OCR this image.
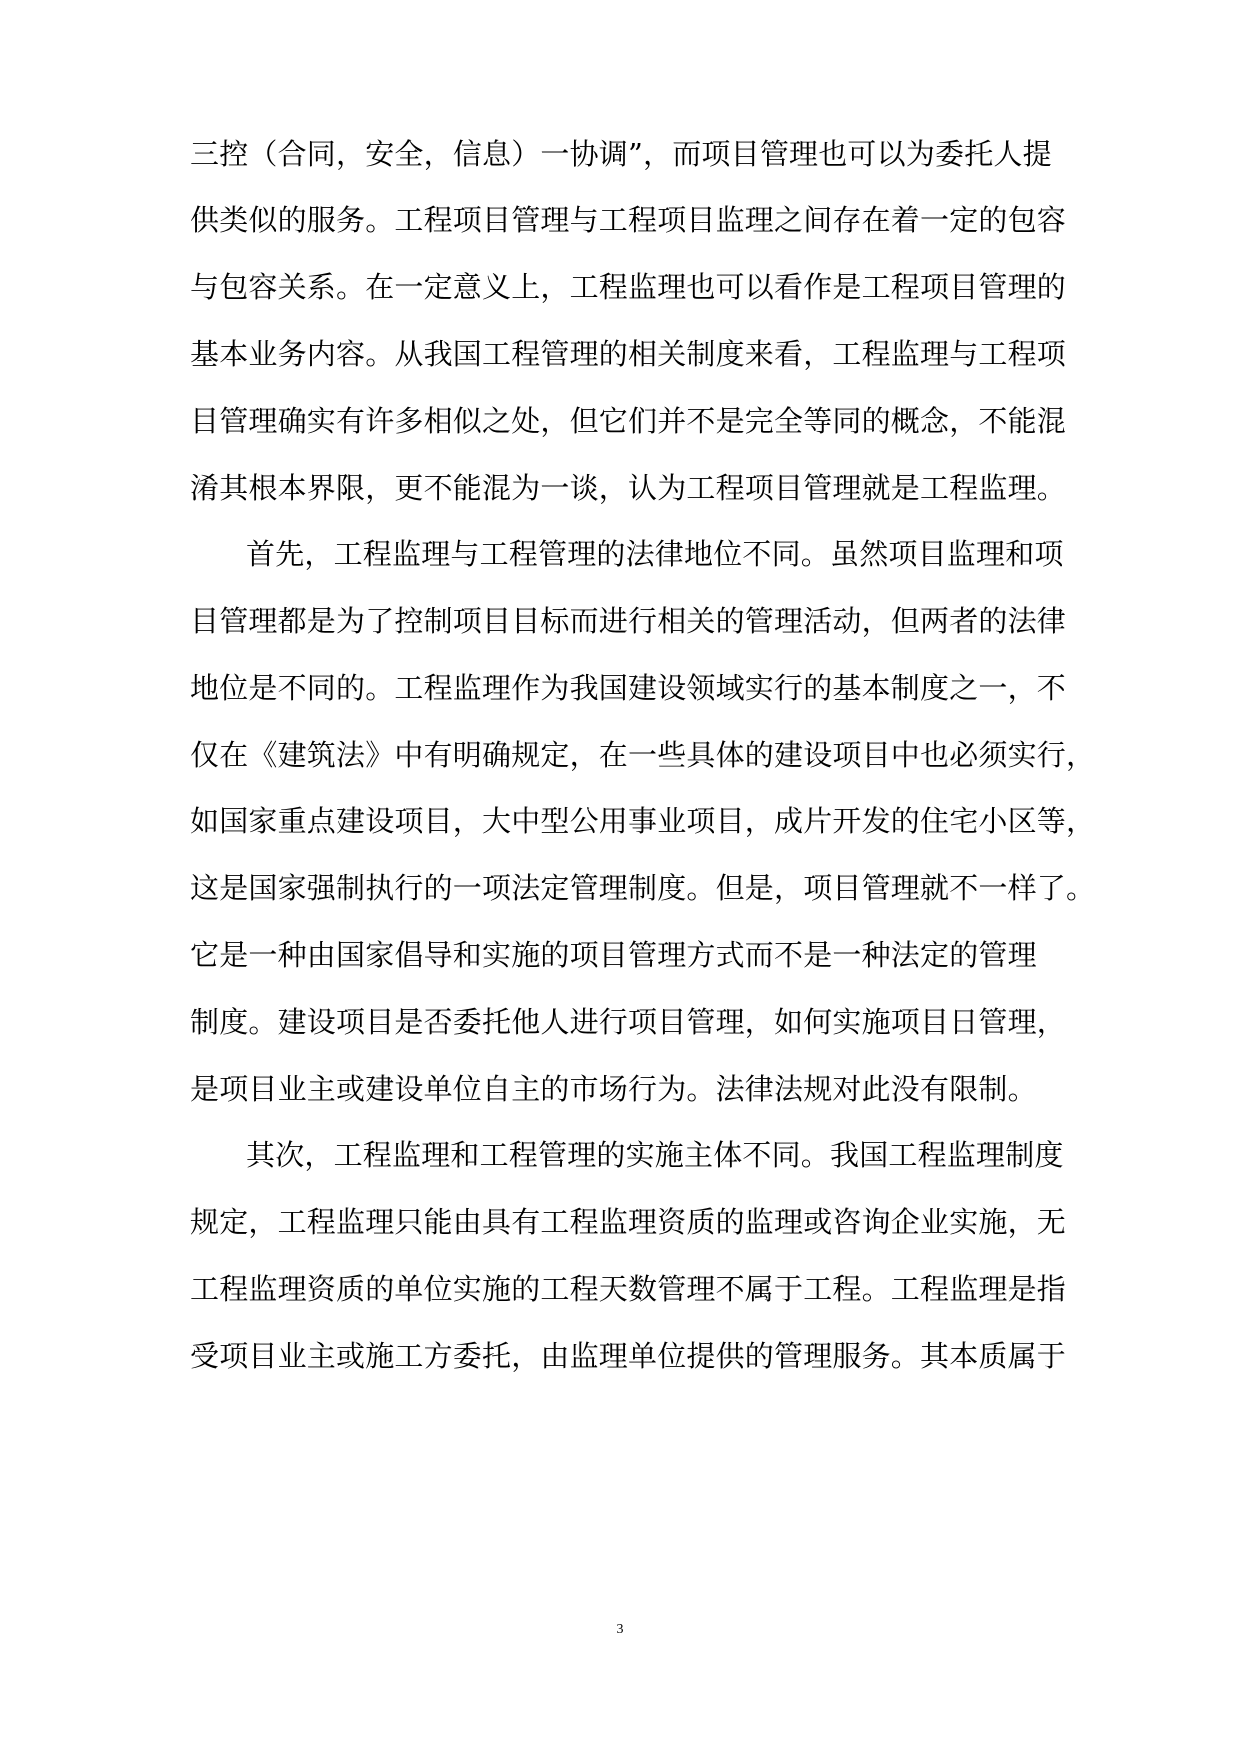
三控（合同，安全，信息）一协调”，而项目管理也可以为委托人提
供类似的服务。工程项目管理与工程项目监理之间存在着一定的包容
与包容关系。在一定意义上，工程监理也可以看作是工程项目管理的
基本业务内容。从我国工程管理的相关制度来看，工程监理与工程项
目管理确实有许多相似之处，但它们并不是完全等同的概念，不能混
淆其根本界限，更不能混为一谈，认为工程项目管理就是工程监理。
首先，工程监理与工程管理的法律地位不同。虽然项目监理和项
目管理都是为了控制项目目标而进行相关的管理活动，但两者的法律
地位是不同的。工程监理作为我国建设领域实行的基本制度之一，不
仅在《建筑法》中有明确规定，在一些具体的建设项目中也必须实行，
如国家重点建设项目，大中型公用事业项目，成片开发的住宅小区等，
这是国家强制执行的一项法定管理制度。但是，项目管理就不一样了。
它是一种由国家倡导和实施的项目管理方式而不是一种法定的管理
制度。建设项目是否委托他人进行项目管理，如何实施项目日管理，
是项目业主或建设单位自主的市场行为。法律法规对此没有限制。
其次，工程监理和工程管理的实施主体不同。我国工程监理制度
规定，工程监理只能由具有工程监理资质的监理或咨询企业实施，无
工程监理资质的单位实施的工程天数管理不属于工程。工程监理是指
受项目业主或施工方委托，由监理单位提供的管理服务。其本质属于
3
